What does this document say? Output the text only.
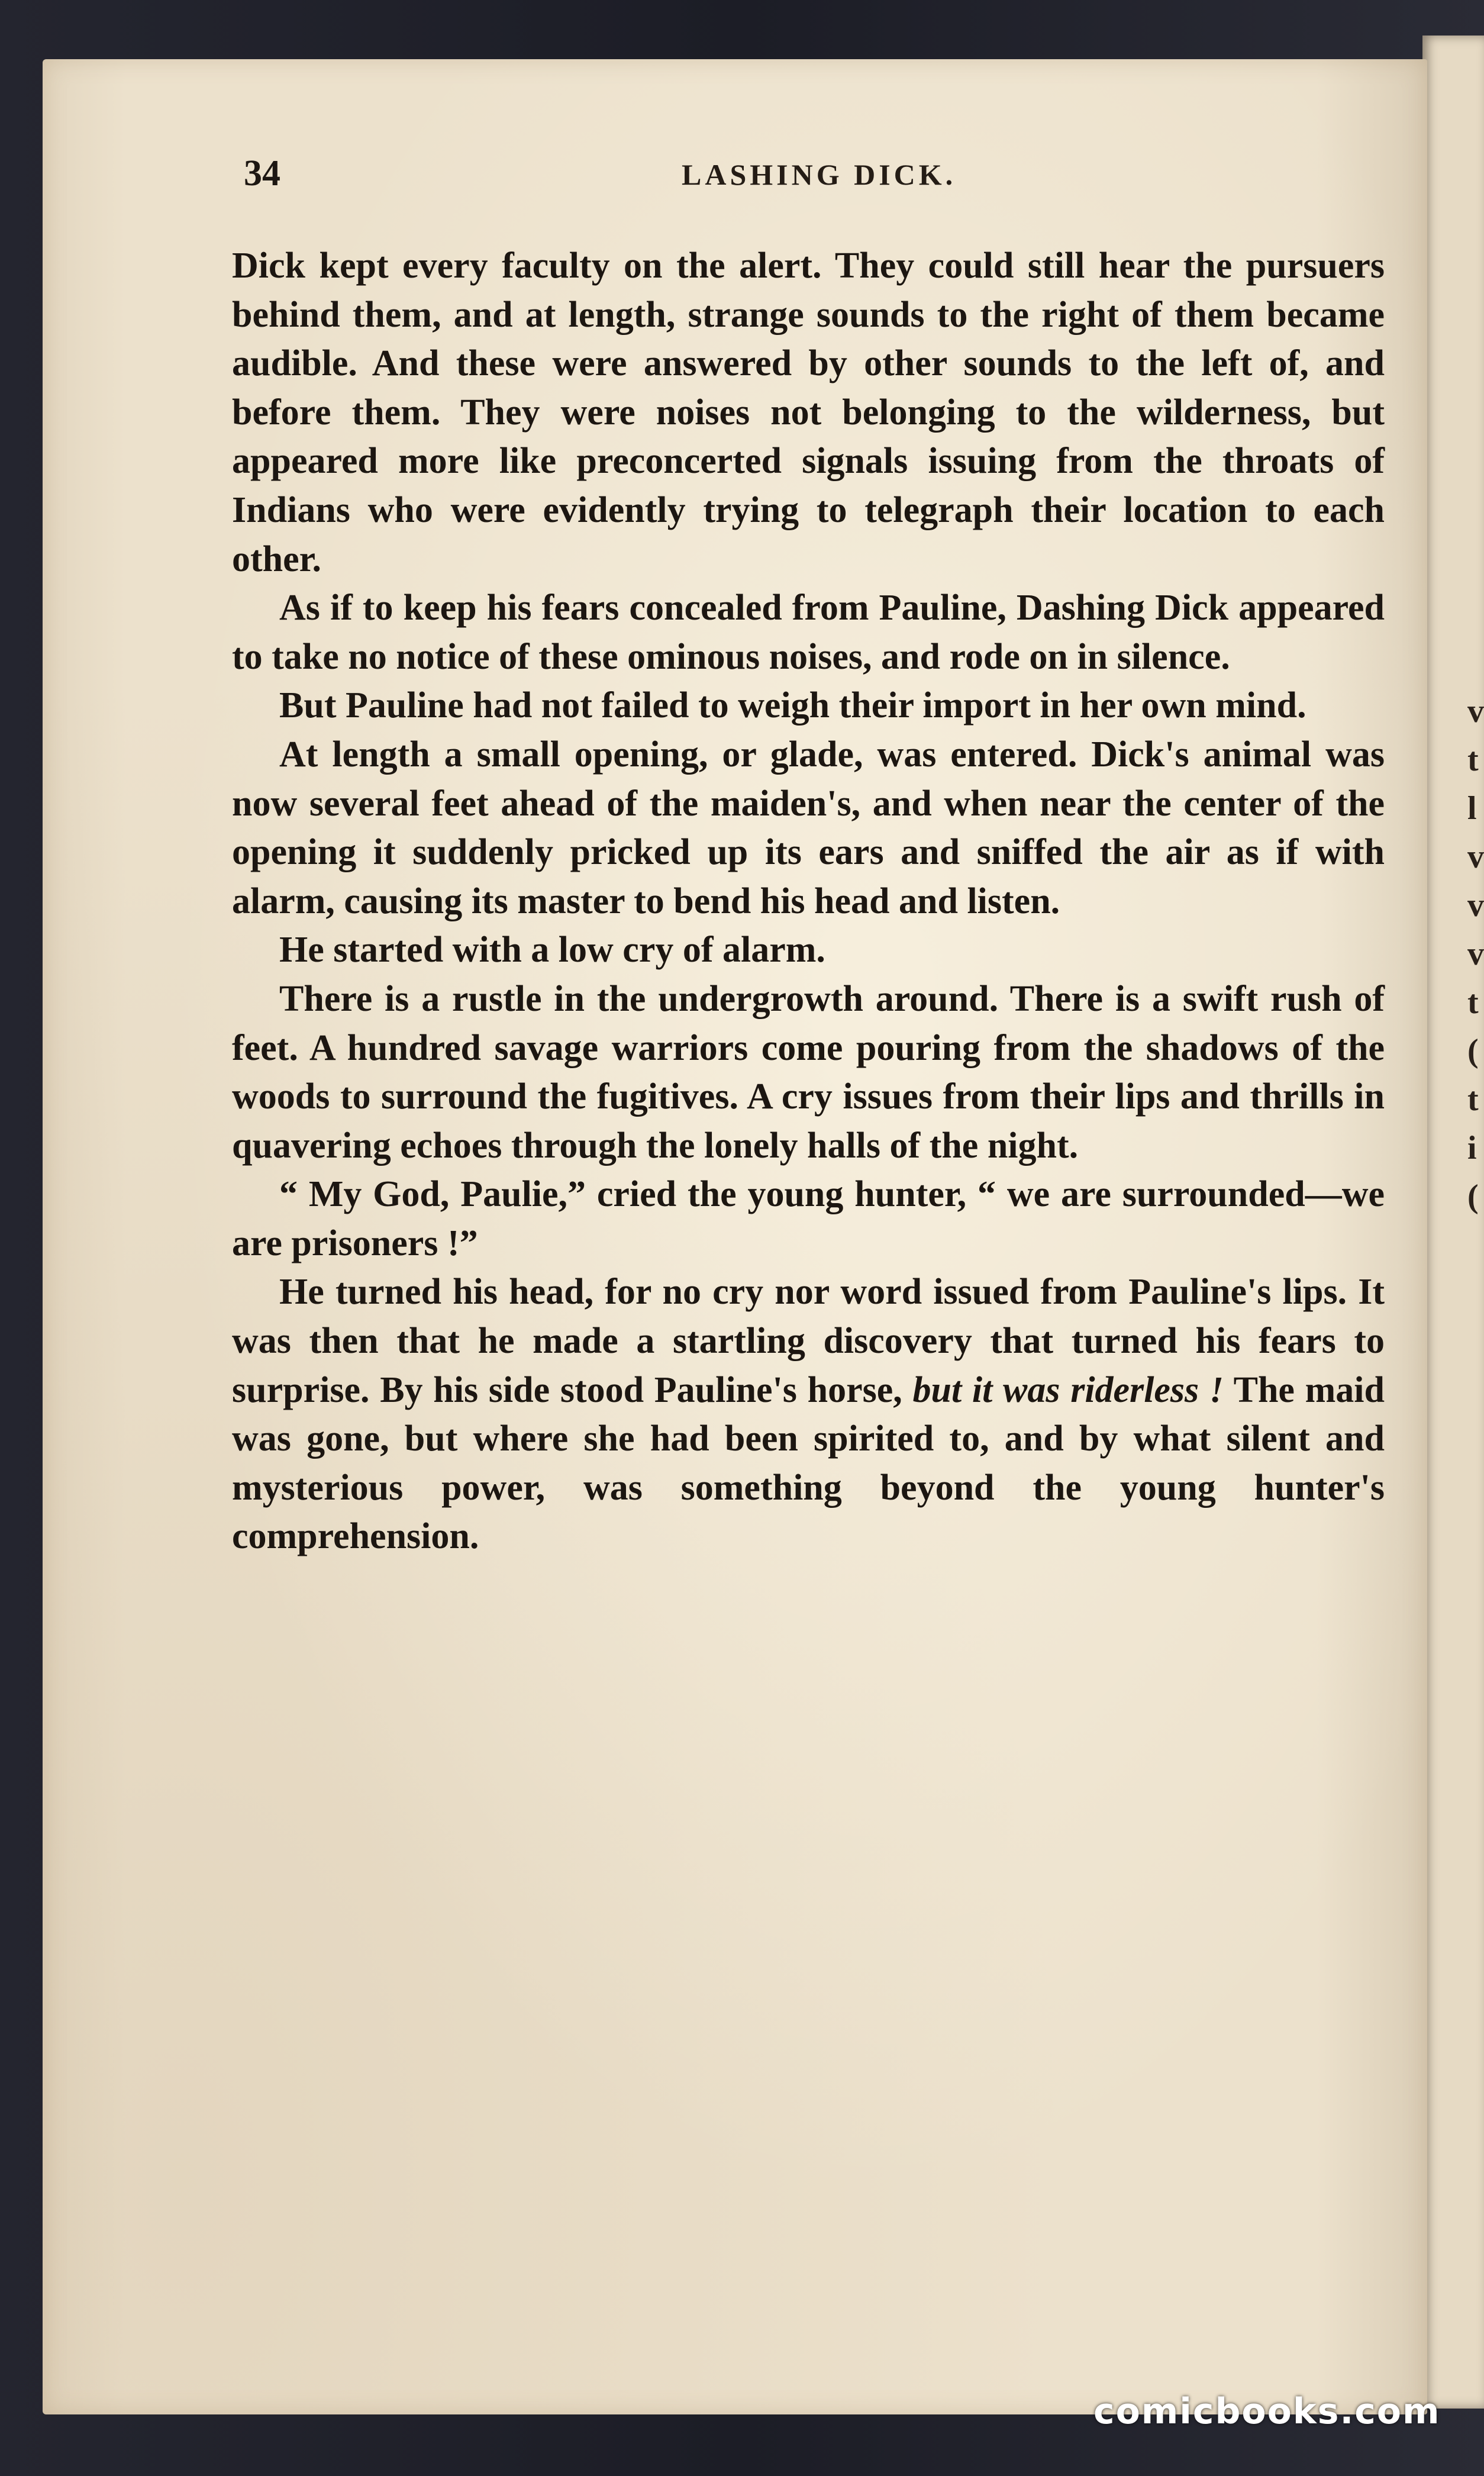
v
t
l
v
v
v
t
(
t
i
(
34	LASHING DICK.

Dick kept every faculty on the alert. They could still hear the pursuers behind them, and at length, strange sounds to the right of them became audible. And these were answered by other sounds to the left of, and before them. They were noises not belonging to the wilderness, but appeared more like preconcerted signals issuing from the throats of Indians who were evidently trying to telegraph their location to each other.

As if to keep his fears concealed from Pauline, Dashing Dick appeared to take no notice of these ominous noises, and rode on in silence.

But Pauline had not failed to weigh their import in her own mind.

At length a small opening, or glade, was entered. Dick's animal was now several feet ahead of the maiden's, and when near the center of the opening it suddenly pricked up its ears and sniffed the air as if with alarm, causing its master to bend his head and listen.

He started with a low cry of alarm.

There is a rustle in the undergrowth around. There is a swift rush of feet. A hundred savage warriors come pouring from the shadows of the woods to surround the fugitives. A cry issues from their lips and thrills in quavering echoes through the lonely halls of the night.

“ My God, Paulie,” cried the young hunter, “ we are surrounded—we are prisoners !”

He turned his head, for no cry nor word issued from Pauline's lips. It was then that he made a startling discovery that turned his fears to surprise. By his side stood Pauline's horse, but it was riderless ! The maid was gone, but where she had been spirited to, and by what silent and mysterious power, was something beyond the young hunter's comprehension.

comicbooks.com
